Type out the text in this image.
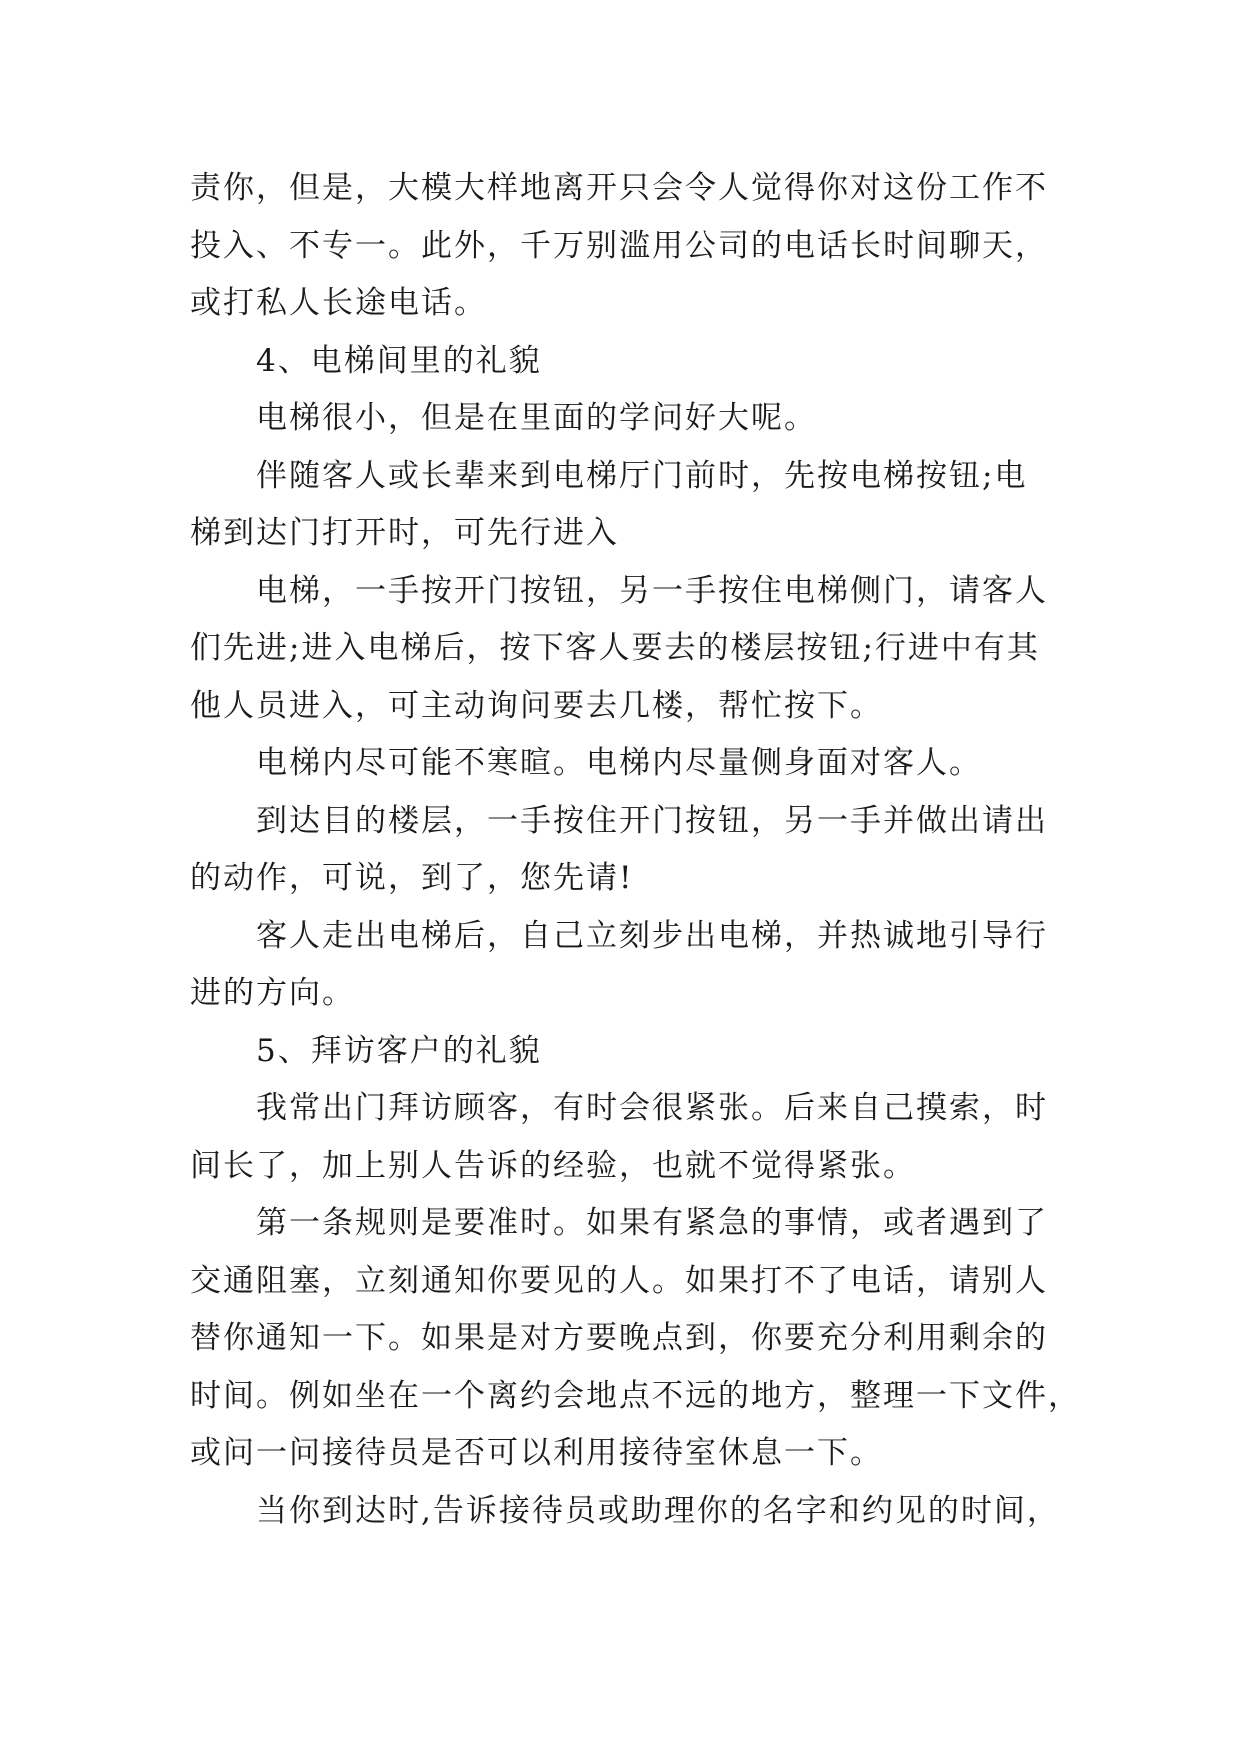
责你，但是，大模大样地离开只会令人觉得你对这份工作不
投入、不专一。此外，千万别滥用公司的电话长时间聊天，
或打私人长途电话。
4、电梯间里的礼貌
电梯很小，但是在里面的学问好大呢。
伴随客人或长辈来到电梯厅门前时，先按电梯按钮;电
梯到达门打开时，可先行进入
电梯，一手按开门按钮，另一手按住电梯侧门，请客人
们先进;进入电梯后，按下客人要去的楼层按钮;行进中有其
他人员进入，可主动询问要去几楼，帮忙按下。
电梯内尽可能不寒暄。电梯内尽量侧身面对客人。
到达目的楼层，一手按住开门按钮，另一手并做出请出
的动作，可说，到了，您先请!
客人走出电梯后，自己立刻步出电梯，并热诚地引导行
进的方向。
5、拜访客户的礼貌
我常出门拜访顾客，有时会很紧张。后来自己摸索，时
间长了，加上别人告诉的经验，也就不觉得紧张。
第一条规则是要准时。如果有紧急的事情，或者遇到了
交通阻塞，立刻通知你要见的人。如果打不了电话，请别人
替你通知一下。如果是对方要晚点到，你要充分利用剩余的
时间。例如坐在一个离约会地点不远的地方，整理一下文件，
或问一问接待员是否可以利用接待室休息一下。
当你到达时,告诉接待员或助理你的名字和约见的时间，
